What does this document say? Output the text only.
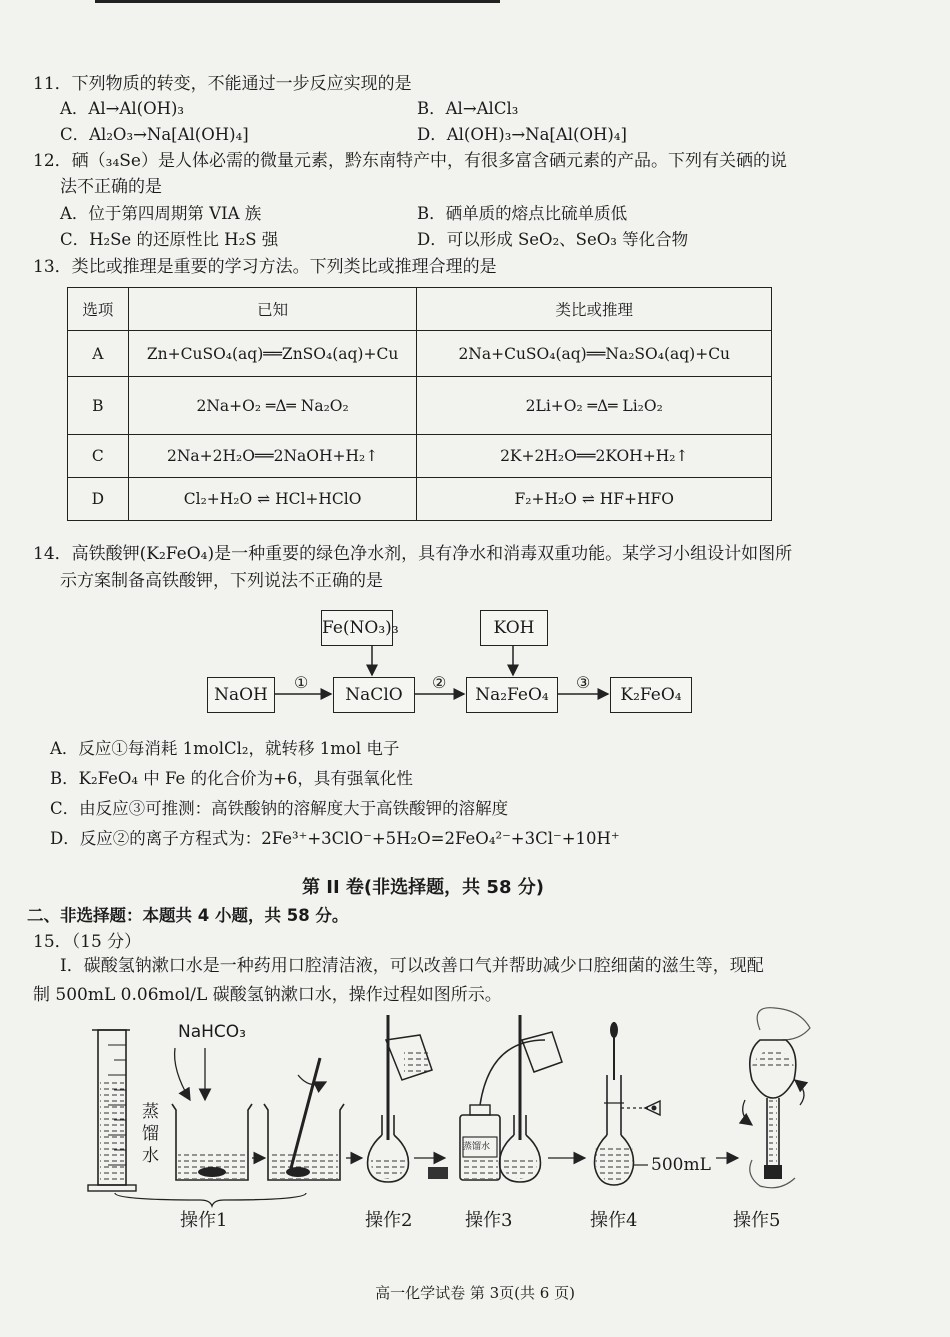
11．下列物质的转变，不能通过一步反应实现的是
A．Al→Al(OH)₃	B．Al→AlCl₃
C．Al₂O₃→Na[Al(OH)₄]	D．Al(OH)₃→Na[Al(OH)₄]
12．硒（₃₄Se）是人体必需的微量元素，黔东南特产中，有很多富含硒元素的产品。下列有关硒的说
法不正确的是
A．位于第四周期第 VIA 族	B．硒单质的熔点比硫单质低
C．H₂Se 的还原性比 H₂S 强	D．可以形成 SeO₂、SeO₃ 等化合物
13．类比或推理是重要的学习方法。下列类比或推理合理的是
选项	已知	类比或推理
A	Zn+CuSO₄(aq)══ZnSO₄(aq)+Cu	2Na+CuSO₄(aq)══Na₂SO₄(aq)+Cu
B	2Na+O₂ ═Δ═ Na₂O₂	2Li+O₂ ═Δ═ Li₂O₂
C	2Na+2H₂O══2NaOH+H₂↑	2K+2H₂O══2KOH+H₂↑
D	Cl₂+H₂O ⇌ HCl+HClO	F₂+H₂O ⇌ HF+HFO
14．高铁酸钾(K₂FeO₄)是一种重要的绿色净水剂，具有净水和消毒双重功能。某学习小组设计如图所
示方案制备高铁酸钾，下列说法不正确的是
Fe(NO₃)₃	KOH
NaOH	NaClO	Na₂FeO₄	K₂FeO₄
①	②	③
A．反应①每消耗 1molCl₂，就转移 1mol 电子
B．K₂FeO₄ 中 Fe 的化合价为+6，具有强氧化性
C．由反应③可推测：高铁酸钠的溶解度大于高铁酸钾的溶解度
D．反应②的离子方程式为：2Fe³⁺+3ClO⁻+5H₂O=2FeO₄²⁻+3Cl⁻+10H⁺
第 II 卷(非选择题，共 58 分)
二、非选择题：本题共 4 小题，共 58 分。
15．（15 分）
Ⅰ．碳酸氢钠漱口水是一种药用口腔清洁液，可以改善口气并帮助减少口腔细菌的滋生等，现配
制 500mL 0.06mol/L 碳酸氢钠漱口水，操作过程如图所示。
NaHCO₃
蒸
馏
水	蒸馏水
500mL
操作1	操作2	操作3	操作4	操作5
高一化学试卷 第 3页(共 6 页)
